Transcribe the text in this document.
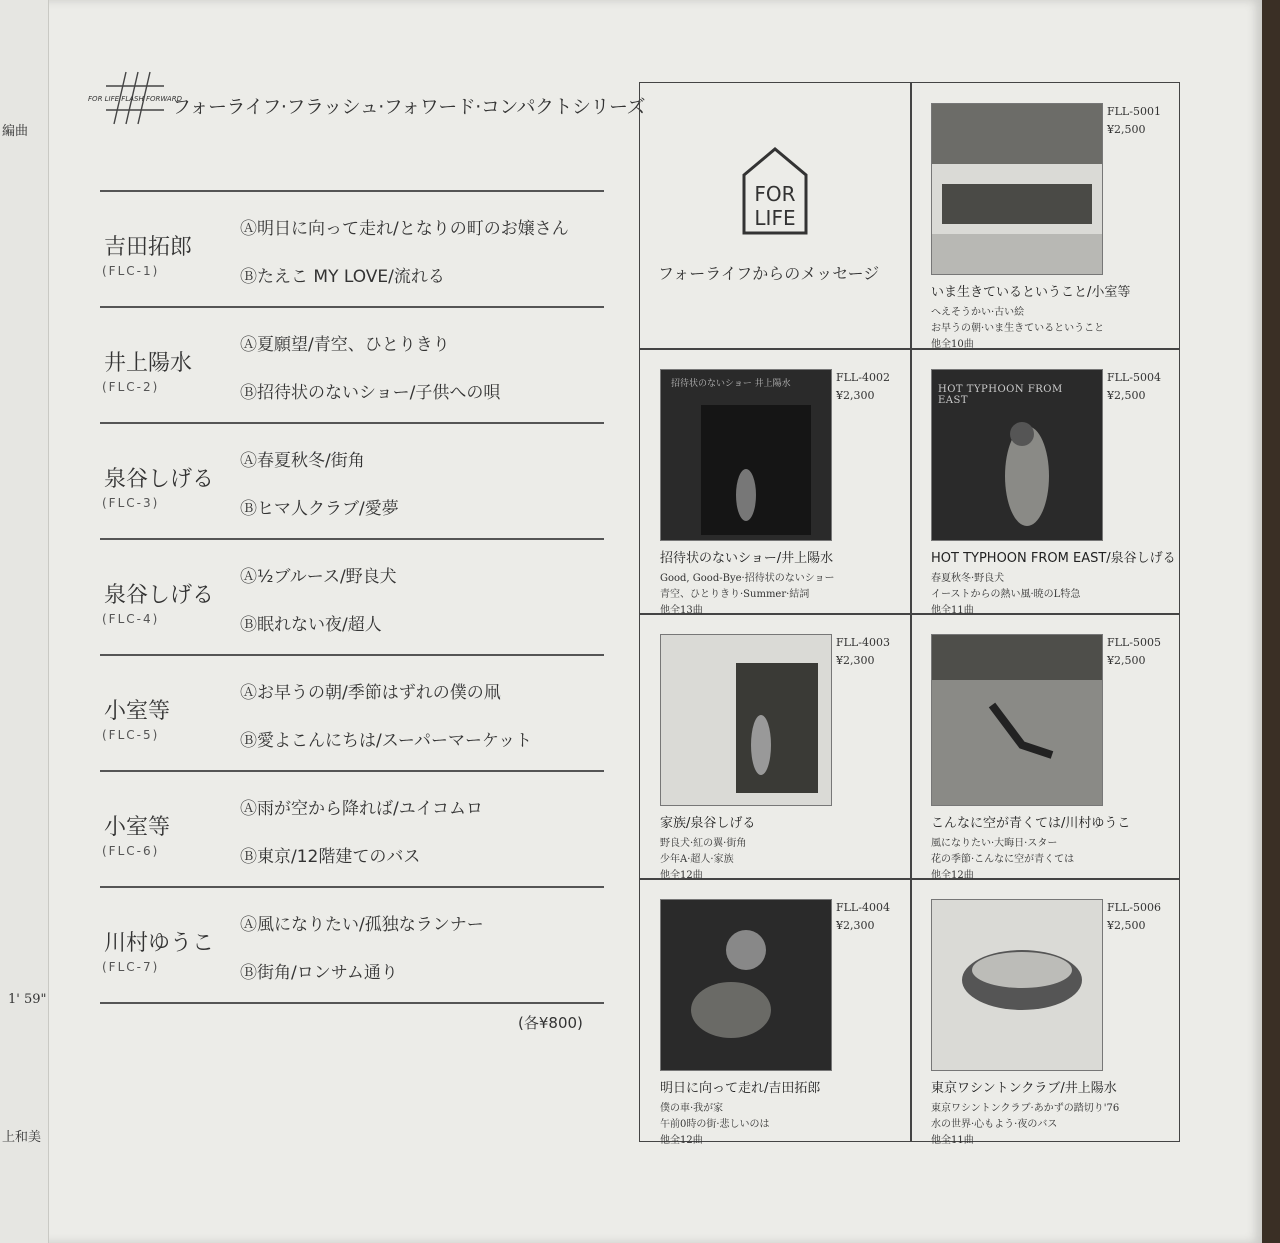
編曲
1' 59"
上和美
FOR LIFE FLASH FORWARD
フォーライフ·フラッシュ·フォワード·コンパクトシリーズ
吉田拓郎
(FLC-1)
Ⓐ明日に向って走れ/となりの町のお嬢さん
Ⓑたえこ MY LOVE/流れる
井上陽水
(FLC-2)
Ⓐ夏願望/青空、ひとりきり
Ⓑ招待状のないショー/子供への唄
泉谷しげる
(FLC-3)
Ⓐ春夏秋冬/街角
Ⓑヒマ人クラブ/愛夢
泉谷しげる
(FLC-4)
Ⓐ½ブルース/野良犬
Ⓑ眠れない夜/超人
小室等
(FLC-5)
Ⓐお早うの朝/季節はずれの僕の凧
Ⓑ愛よこんにちは/スーパーマーケット
小室等
(FLC-6)
Ⓐ雨が空から降れば/ユイコムロ
Ⓑ東京/12階建てのバス
川村ゆうこ
(FLC-7)
Ⓐ風になりたい/孤独なランナー
Ⓑ街角/ロンサム通り
(各¥800)
FOR
LIFE
フォーライフからのメッセージ
FLL-5001
¥2,500
いま生きているということ/小室等
へえそうかい·古い絵
お早うの朝·いま生きているということ
他全10曲
招待状のないショー 井上陽水	FLL-4002
¥2,300
招待状のないショー/井上陽水
Good, Good-Bye·招待状のないショー
青空、ひとりきり·Summer·結詞
他全13曲
HOT TYPHOON FROM EAST
FLL-5004
¥2,500
HOT TYPHOON FROM EAST/泉谷しげる
春夏秋冬·野良犬
イーストからの熱い風·暁のL特急
他全11曲
FLL-4003
¥2,300
家族/泉谷しげる
野良犬·紅の翼·街角
少年A·超人·家族
他全12曲
FLL-5005
¥2,500
こんなに空が青くては/川村ゆうこ
風になりたい·大晦日·スター
花の季節·こんなに空が青くては
他全12曲
FLL-4004
¥2,300
明日に向って走れ/吉田拓郎
僕の車·我が家
午前0時の街·悲しいのは
他全12曲
FLL-5006
¥2,500
東京ワシントンクラブ/井上陽水
東京ワシントンクラブ·あかずの踏切り'76
水の世界·心もよう·夜のバス
他全11曲
